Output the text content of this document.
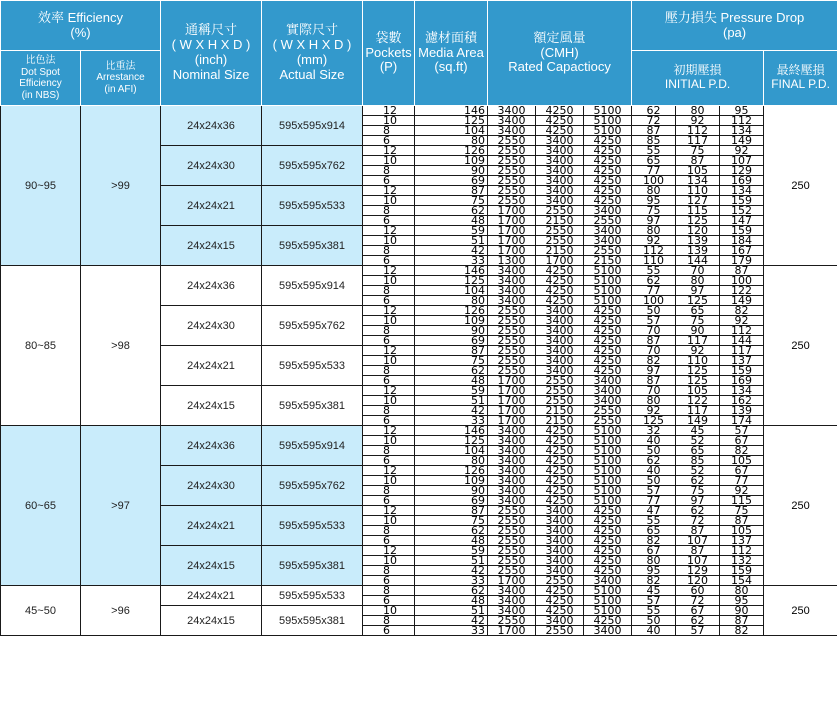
效率 Efficiency
(%)		通稱尺寸
( W X H X D )
(inch)
Nominal Size	實際尺寸
( W X H X D )
(mm)
Actual Size	袋數
Pockets
(P)	濾材面積
Media Area
(sq.ft)	額定風量
(CMH)
Rated Capactiocy			壓力損失 Pressure Drop
(pa)			

比色法
Dot Spot
Efficiency
(in NBS)	比重法
Arrestance
(in AFI)								初期壓損
INITIAL P.D.			最終壓損
FINAL P.D.

90~95	>99	24x24x36	595x595x914	12	146	3400	4250	5100	62	80	95	250
				10	125	3400	4250	5100	72	92	112	
				8	104	3400	4250	5100	87	112	134	
				6	80	2550	3400	4250	85	117	149	
		24x24x30	595x595x762	12	126	2550	3400	4250	55	75	92	
				10	109	2550	3400	4250	65	87	107	
				8	90	2550	3400	4250	77	105	129	
				6	69	2550	3400	4250	100	134	169	
		24x24x21	595x595x533	12	87	2550	3400	4250	80	110	134	
				10	75	2550	3400	4250	95	127	159	
				8	62	1700	2550	3400	75	115	152	
				6	48	1700	2150	2550	97	125	147	
		24x24x15	595x595x381	12	59	1700	2550	3400	80	120	159	
				10	51	1700	2550	3400	92	139	184	
				8	42	1700	2150	2550	112	139	167	
				6	33	1300	1700	2150	110	144	179	
80~85	>98	24x24x36	595x595x914	12	146	3400	4250	5100	55	70	87	250
				10	125	3400	4250	5100	62	80	100	
				8	104	3400	4250	5100	77	97	122	
				6	80	3400	4250	5100	100	125	149	
		24x24x30	595x595x762	12	126	2550	3400	4250	50	65	82	
				10	109	2550	3400	4250	57	75	92	
				8	90	2550	3400	4250	70	90	112	
				6	69	2550	3400	4250	87	117	144	
		24x24x21	595x595x533	12	87	2550	3400	4250	70	92	117	
				10	75	2550	3400	4250	82	110	137	
				8	62	2550	3400	4250	97	125	159	
				6	48	1700	2550	3400	87	125	169	
		24x24x15	595x595x381	12	59	1700	2550	3400	70	105	134	
				10	51	1700	2550	3400	80	122	162	
				8	42	1700	2150	2550	92	117	139	
				6	33	1700	2150	2550	125	149	174	
60~65	>97	24x24x36	595x595x914	12	146	3400	4250	5100	32	45	57	250
				10	125	3400	4250	5100	40	52	67	
				8	104	3400	4250	5100	50	65	82	
				6	80	3400	4250	5100	62	85	105	
		24x24x30	595x595x762	12	126	3400	4250	5100	40	52	67	
				10	109	3400	4250	5100	50	62	77	
				8	90	3400	4250	5100	57	75	92	
				6	69	3400	4250	5100	77	97	115	
		24x24x21	595x595x533	12	87	2550	3400	4250	47	62	75	
				10	75	2550	3400	4250	55	72	87	
				8	62	2550	3400	4250	65	87	105	
				6	48	2550	3400	4250	82	107	137	
		24x24x15	595x595x381	12	59	2550	3400	4250	67	87	112	
				10	51	2550	3400	4250	80	107	132	
				8	42	2550	3400	4250	95	129	159	
				6	33	1700	2550	3400	82	120	154	
45~50	>96	24x24x21	595x595x533	8	62	3400	4250	5100	45	60	80	250
				6	48	3400	4250	5100	57	72	95	
		24x24x15	595x595x381	10	51	3400	4250	5100	55	67	90	
				8	42	2550	3400	4250	50	62	87	
				6	33	1700	2550	3400	40	57	82	
